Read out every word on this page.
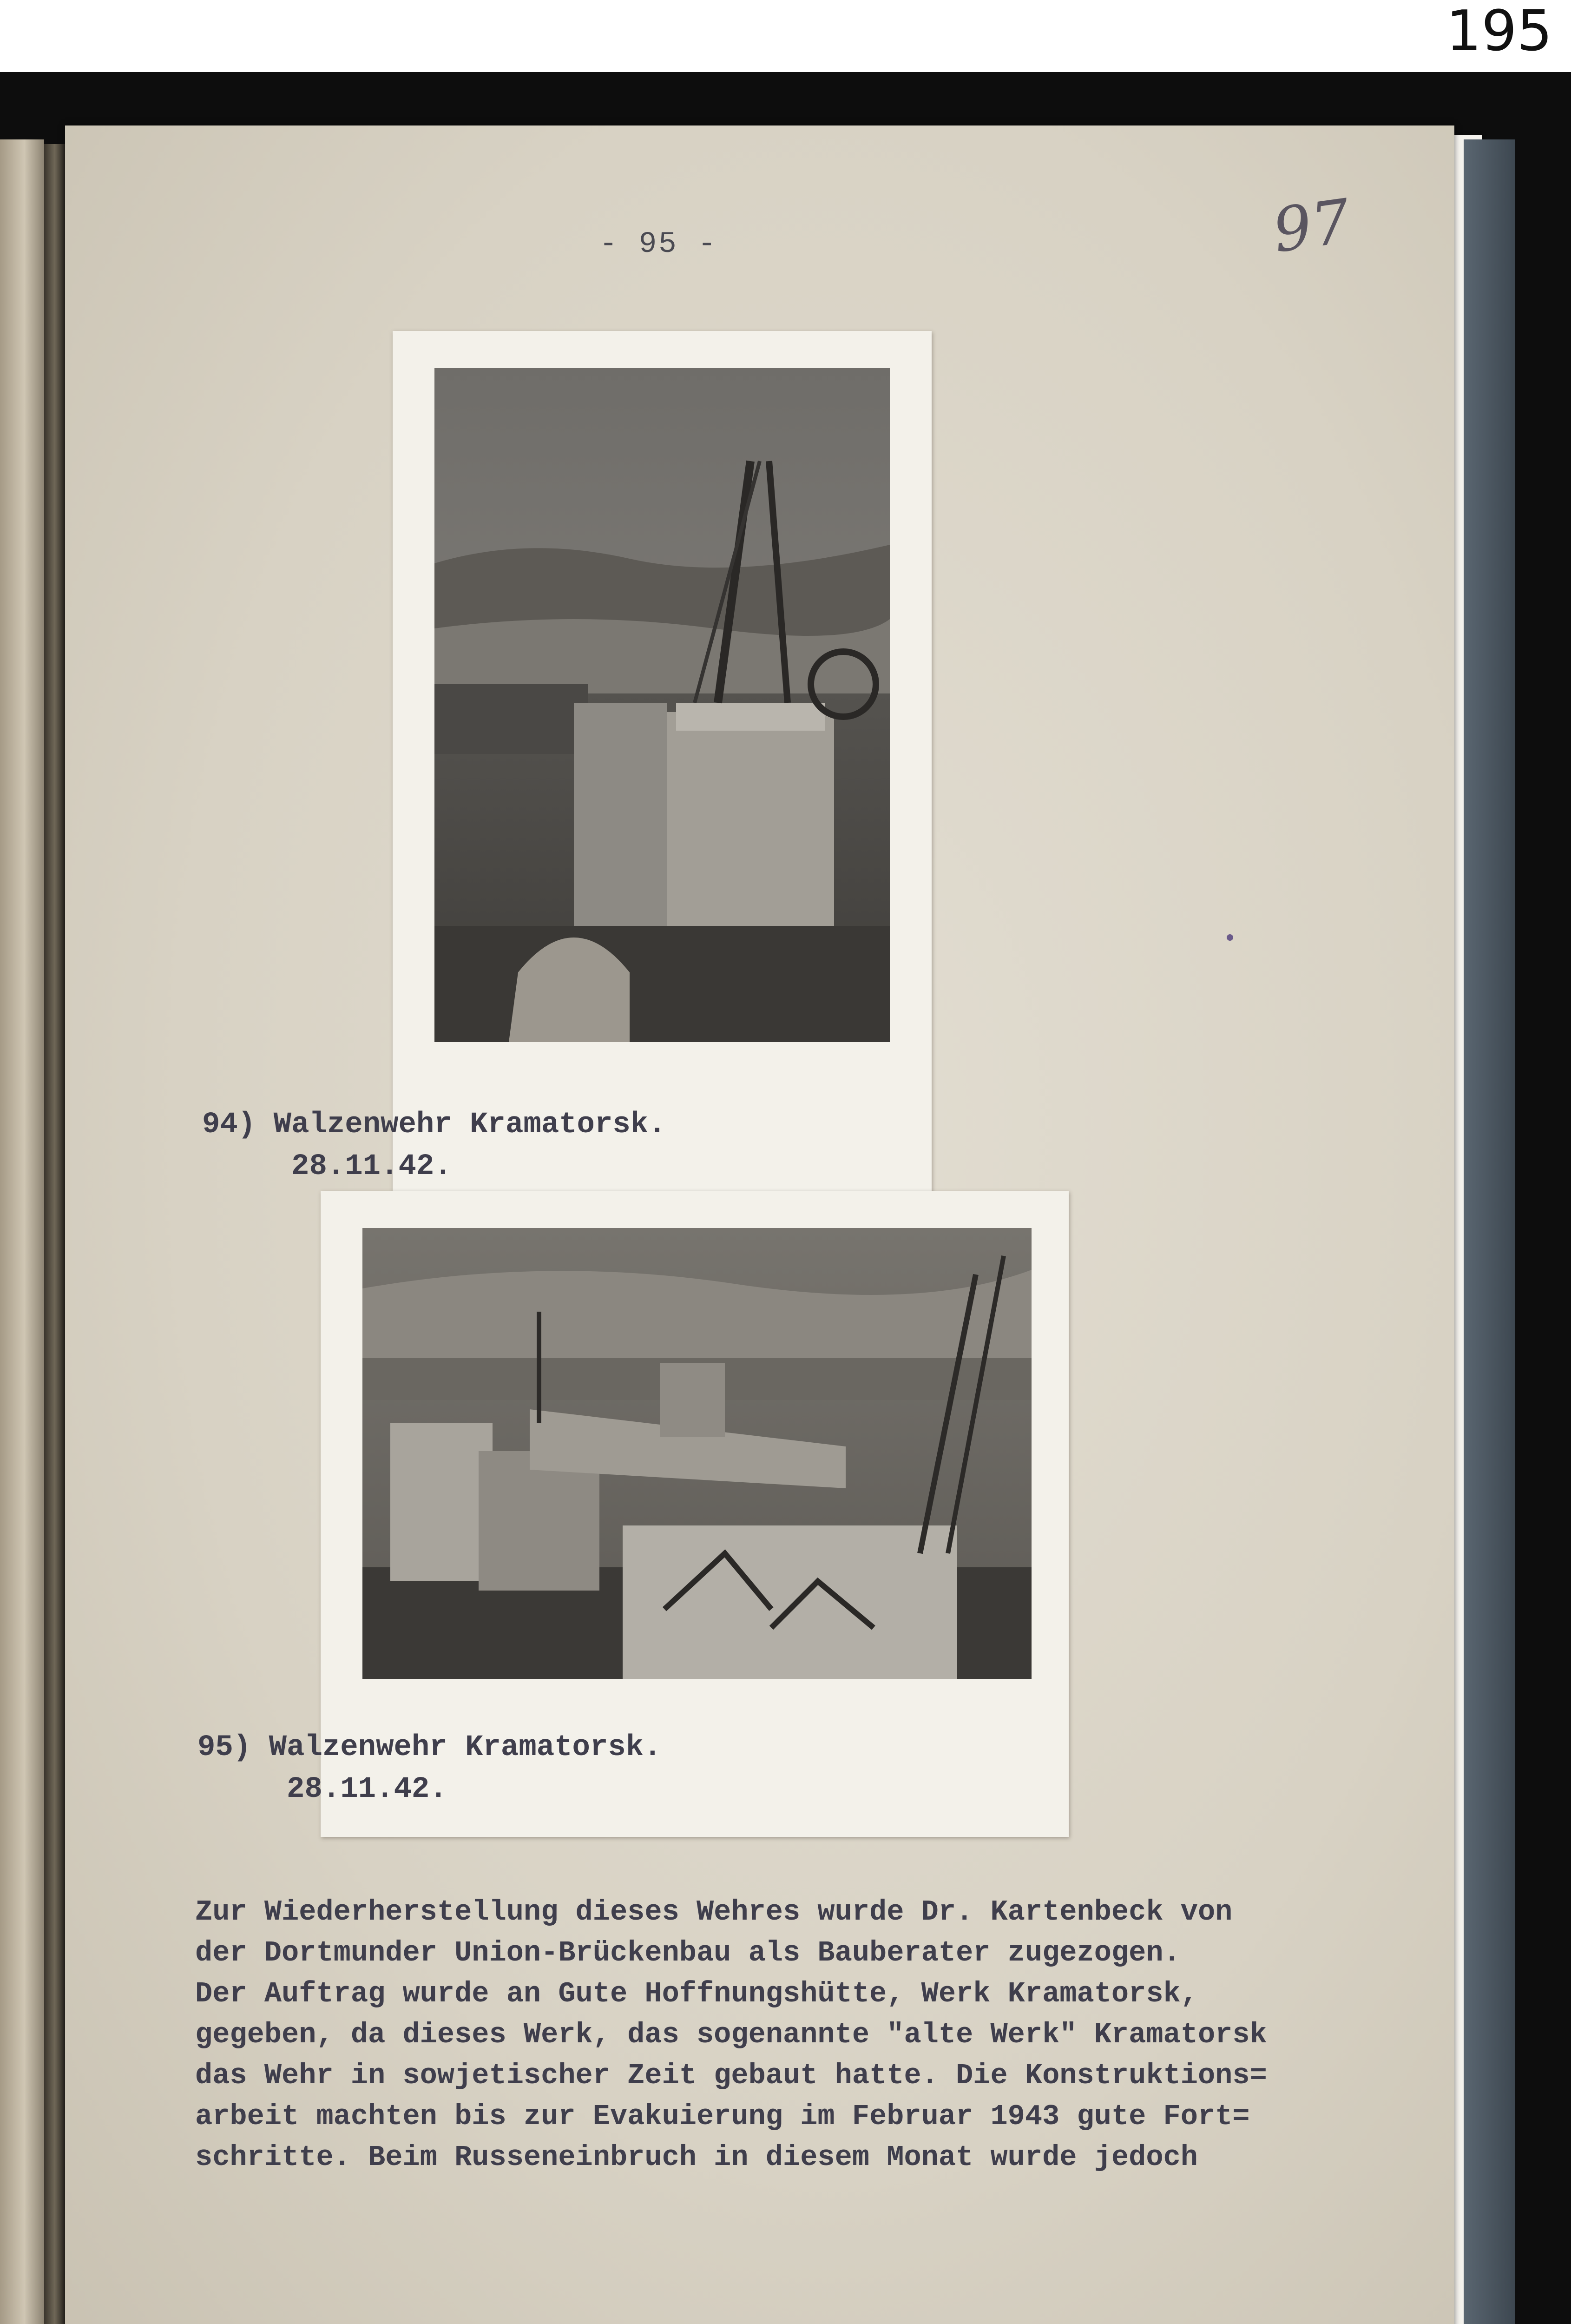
195
- 95 -	97
94) Walzenwehr Kramatorsk.
28.11.42.
95) Walzenwehr Kramatorsk.
28.11.42.
Zur Wiederherstellung dieses Wehres wurde Dr. Kartenbeck von
der Dortmunder Union-Brückenbau als Bauberater zugezogen.
Der Auftrag wurde an Gute Hoffnungshütte, Werk Kramatorsk,
gegeben, da dieses Werk, das sogenannte "alte Werk" Kramatorsk
das Wehr in sowjetischer Zeit gebaut hatte. Die Konstruktions=
arbeit machten bis zur Evakuierung im Februar 1943 gute Fort=
schritte. Beim Russeneinbruch in diesem Monat wurde jedoch
